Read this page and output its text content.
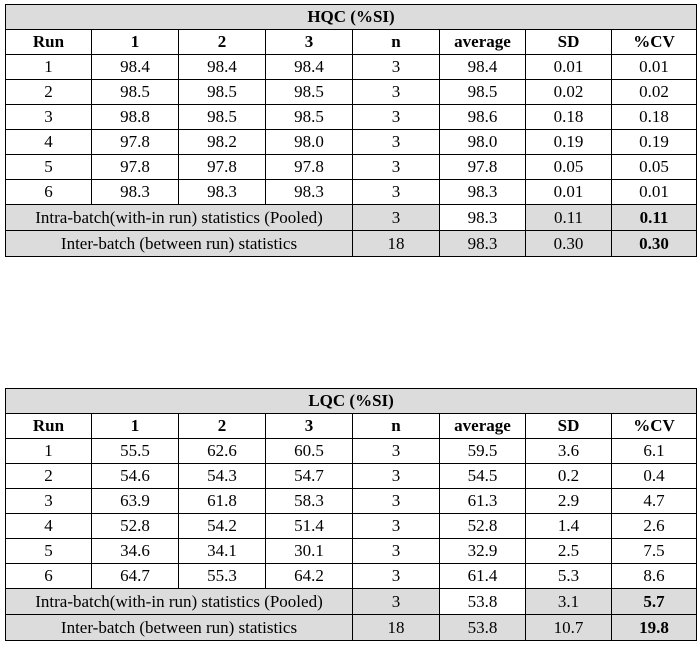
HQC (%SI)							
Run	1	2	3	n	average	SD	%CV
1	98.4	98.4	98.4	3	98.4	0.01	0.01
2	98.5	98.5	98.5	3	98.5	0.02	0.02
3	98.8	98.5	98.5	3	98.6	0.18	0.18
4	97.8	98.2	98.0	3	98.0	0.19	0.19
5	97.8	97.8	97.8	3	97.8	0.05	0.05
6	98.3	98.3	98.3	3	98.3	0.01	0.01
Intra-batch(with-in run) statistics (Pooled)				3	98.3	0.11	0.11
Inter-batch (between run) statistics				18	98.3	0.30	0.30
LQC (%SI)							
Run	1	2	3	n	average	SD	%CV
1	55.5	62.6	60.5	3	59.5	3.6	6.1
2	54.6	54.3	54.7	3	54.5	0.2	0.4
3	63.9	61.8	58.3	3	61.3	2.9	4.7
4	52.8	54.2	51.4	3	52.8	1.4	2.6
5	34.6	34.1	30.1	3	32.9	2.5	7.5
6	64.7	55.3	64.2	3	61.4	5.3	8.6
Intra-batch(with-in run) statistics (Pooled)				3	53.8	3.1	5.7
Inter-batch (between run) statistics				18	53.8	10.7	19.8
